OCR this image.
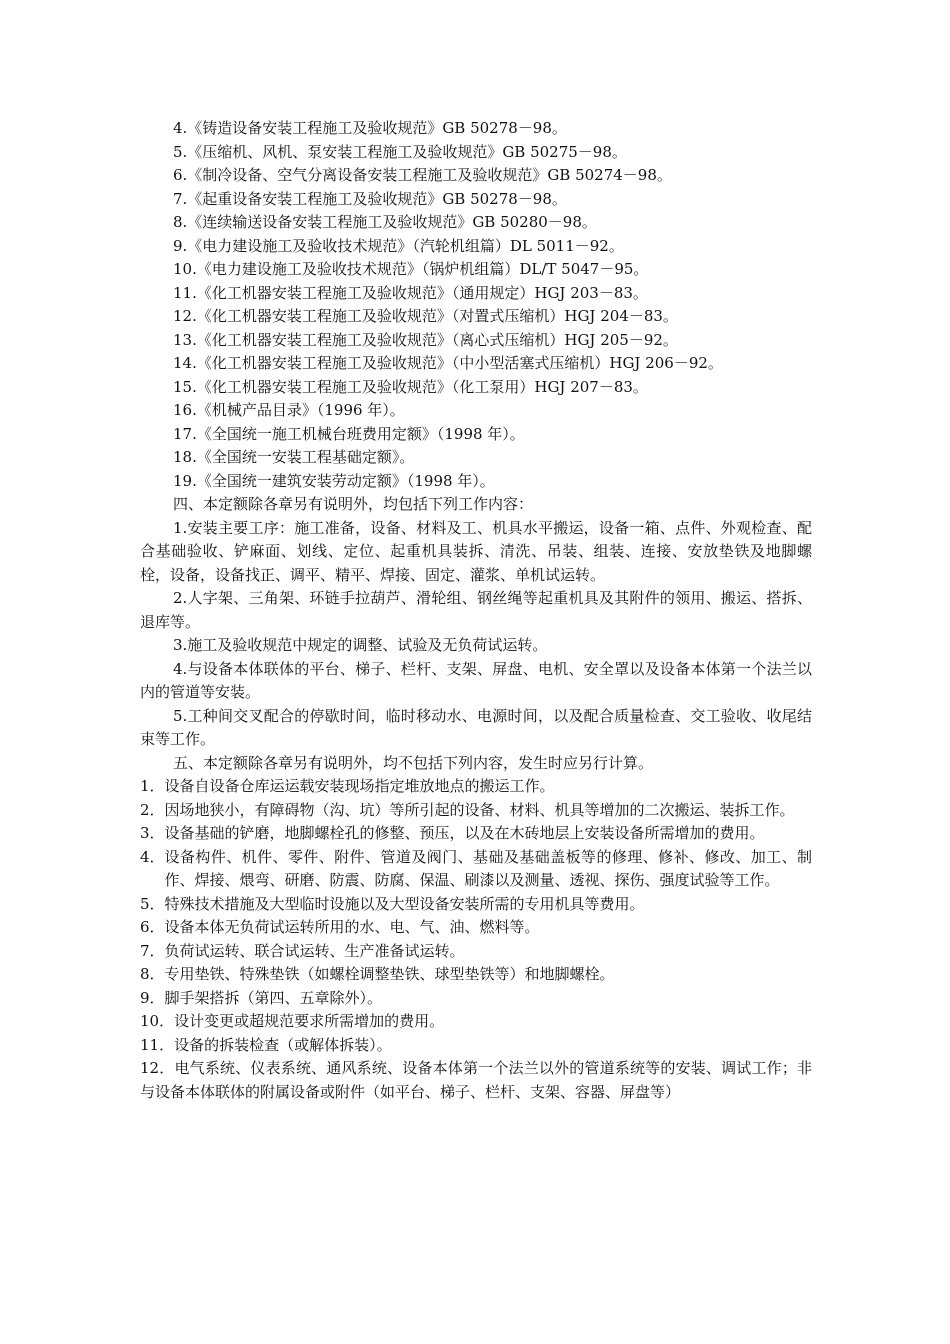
4.《铸造设备安装工程施工及验收规范》GB 50278－98。
5.《压缩机、风机、泵安装工程施工及验收规范》GB 50275－98。
6.《制冷设备、空气分离设备安装工程施工及验收规范》GB 50274－98。
7.《起重设备安装工程施工及验收规范》GB 50278－98。
8.《连续输送设备安装工程施工及验收规范》GB 50280－98。
9.《电力建设施工及验收技术规范》（汽轮机组篇）DL 5011－92。
10.《电力建设施工及验收技术规范》（锅炉机组篇）DL/T 5047－95。
11.《化工机器安装工程施工及验收规范》（通用规定）HGJ 203－83。
12.《化工机器安装工程施工及验收规范》（对置式压缩机）HGJ 204－83。
13.《化工机器安装工程施工及验收规范》（离心式压缩机）HGJ 205－92。
14.《化工机器安装工程施工及验收规范》（中小型活塞式压缩机）HGJ 206－92。
15.《化工机器安装工程施工及验收规范》（化工泵用）HGJ 207－83。
16.《机械产品目录》（1996 年）。
17.《全国统一施工机械台班费用定额》（1998 年）。
18.《全国统一安装工程基础定额》。
19.《全国统一建筑安装劳动定额》（1998 年）。
四、本定额除各章另有说明外，均包括下列工作内容：
1.安装主要工序：施工准备，设备、材料及工、机具水平搬运，设备一箱、点件、外观检查、配合基础验收、铲麻面、划线、定位、起重机具装拆、清洗、吊装、组装、连接、安放垫铁及地脚螺栓，设备，设备找正、调平、精平、焊接、固定、灌浆、单机试运转。
2.人字架、三角架、环链手拉葫芦、滑轮组、钢丝绳等起重机具及其附件的领用、搬运、搭拆、退库等。
3.施工及验收规范中规定的调整、试验及无负荷试运转。
4.与设备本体联体的平台、梯子、栏杆、支架、屏盘、电机、安全罩以及设备本体第一个法兰以内的管道等安装。
5.工种间交叉配合的停歇时间，临时移动水、电源时间，以及配合质量检查、交工验收、收尾结束等工作。
五、本定额除各章另有说明外，均不包括下列内容，发生时应另行计算。
1． 设备自设备仓库运运载安装现场指定堆放地点的搬运工作。
2． 因场地狭小，有障碍物（沟、坑）等所引起的设备、材料、机具等增加的二次搬运、装拆工作。
3． 设备基础的铲磨，地脚螺栓孔的修整、预压，以及在木砖地层上安装设备所需增加的费用。
4． 设备构件、机件、零件、附件、管道及阀门、基础及基础盖板等的修理、修补、修改、加工、制作、焊接、煨弯、研磨、防震、防腐、保温、刷漆以及测量、透视、探伤、强度试验等工作。
5． 特殊技术措施及大型临时设施以及大型设备安装所需的专用机具等费用。
6． 设备本体无负荷试运转所用的水、电、气、油、燃料等。
7． 负荷试运转、联合试运转、生产准备试运转。
8． 专用垫铁、特殊垫铁（如螺栓调整垫铁、球型垫铁等）和地脚螺栓。
9． 脚手架搭拆（第四、五章除外）。
10． 设计变更或超规范要求所需增加的费用。
11． 设备的拆装检查（或解体拆装）。
12．电气系统、仪表系统、通风系统、设备本体第一个法兰以外的管道系统等的安装、调试工作；非与设备本体联体的附属设备或附件（如平台、梯子、栏杆、支架、容器、屏盘等）
